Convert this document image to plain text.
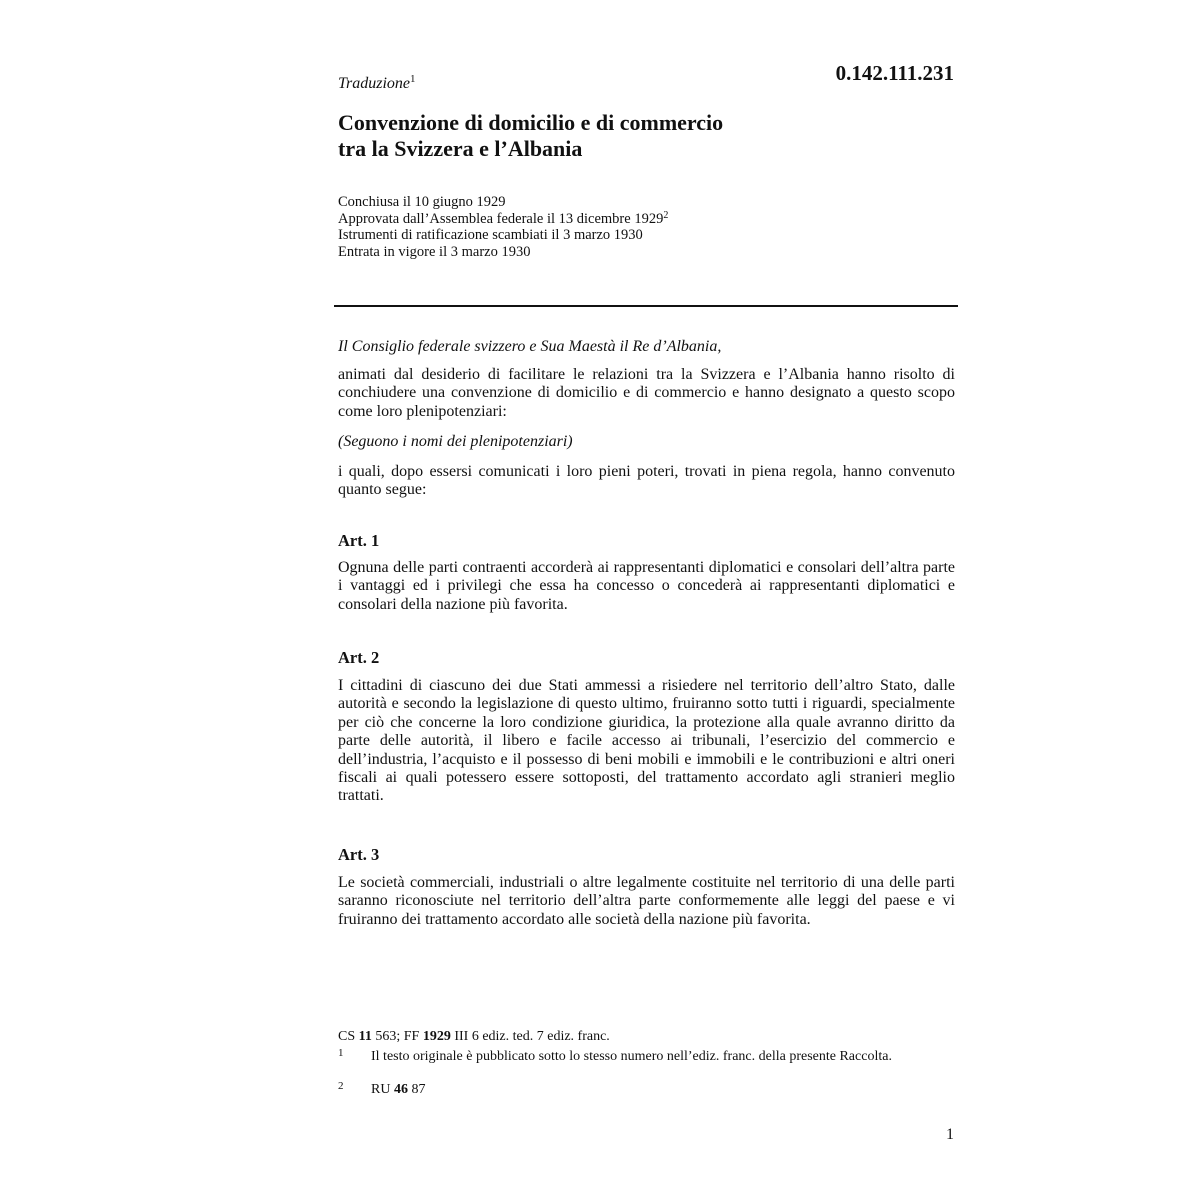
Traduzione$^1$	0.142.111.231
Convenzione di domicilio e di commercio
tra la Svizzera e l’Albania
Conchiusa il 10 giugno 1929
Approvata dall’Assemblea federale il 13 dicembre 1929$^2$
Istrumenti di ratificazione scambiati il 3 marzo 1930
Entrata in vigore il 3 marzo 1930
Il Consiglio federale svizzero e Sua Maestà il Re d’Albania,
animati dal desiderio di facilitare le relazioni tra la Svizzera e l’Albania hanno risolto di conchiudere una convenzione di domicilio e di commercio e hanno designato a questo scopo come loro plenipotenziari:
(Seguono i nomi dei plenipotenziari)
i quali, dopo essersi comunicati i loro pieni poteri, trovati in piena regola, hanno convenuto quanto segue:
Art. 1
Ognuna delle parti contraenti accorderà ai rappresentanti diplomatici e consolari dell’altra parte i vantaggi ed i privilegi che essa ha concesso o concederà ai rappresentanti diplomatici e consolari della nazione più favorita.
Art. 2
I cittadini di ciascuno dei due Stati ammessi a risiedere nel territorio dell’altro Stato, dalle autorità e secondo la legislazione di questo ultimo, fruiranno sotto tutti i riguardi, specialmente per ciò che concerne la loro condizione giuridica, la protezione alla quale avranno diritto da parte delle autorità, il libero e facile accesso ai tribunali, l’esercizio del commercio e dell’industria, l’acquisto e il possesso di beni mobili e immobili e le contribuzioni e altri oneri fiscali ai quali potessero essere sottoposti, del trattamento accordato agli stranieri meglio trattati.
Art. 3
Le società commerciali, industriali o altre legalmente costituite nel territorio di una delle parti saranno riconosciute nel territorio dell’altra parte conformemente alle leggi del paese e vi fruiranno dei trattamento accordato alle società della nazione più favorita.
CS 11 563; FF 1929 III 6 ediz. ted. 7 ediz. franc.
1 Il testo originale è pubblicato sotto lo stesso numero nell’ediz. franc. della presente Raccolta.
2 RU 46 87
1
